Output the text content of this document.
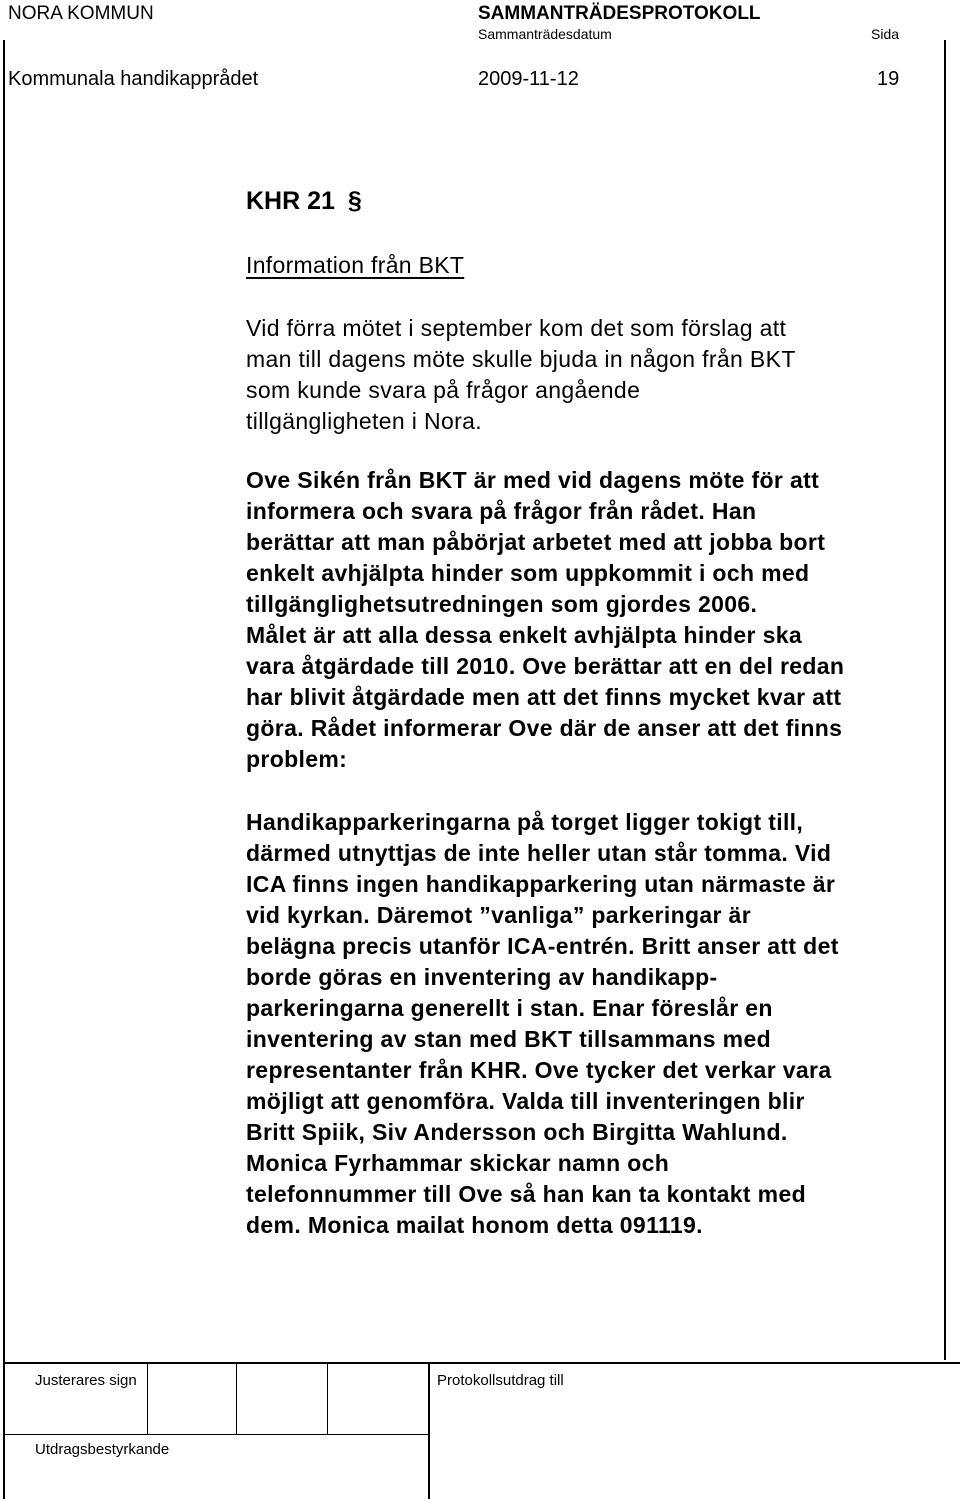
NORA KOMMUN	SAMMANTRÄDESPROTOKOLL
Sammanträdesdatum	Sida
Kommunala handikapprådet	2009-11-12	19
KHR 21 §
Information från BKT
Vid förra mötet i september kom det som förslag att
man till dagens möte skulle bjuda in någon från BKT
som kunde svara på frågor angående
tillgängligheten i Nora.
Ove Sikén från BKT är med vid dagens möte för att
informera och svara på frågor från rådet. Han
berättar att man påbörjat arbetet med att jobba bort
enkelt avhjälpta hinder som uppkommit i och med
tillgänglighetsutredningen som gjordes 2006.
Målet är att alla dessa enkelt avhjälpta hinder ska
vara åtgärdade till 2010. Ove berättar att en del redan
har blivit åtgärdade men att det finns mycket kvar att
göra. Rådet informerar Ove där de anser att det finns
problem:
Handikapparkeringarna på torget ligger tokigt till,
därmed utnyttjas de inte heller utan står tomma. Vid
ICA finns ingen handikapparkering utan närmaste är
vid kyrkan. Däremot ”vanliga” parkeringar är
belägna precis utanför ICA-entrén. Britt anser att det
borde göras en inventering av handikapp-
parkeringarna generellt i stan. Enar föreslår en
inventering av stan med BKT tillsammans med
representanter från KHR. Ove tycker det verkar vara
möjligt att genomföra. Valda till inventeringen blir
Britt Spiik, Siv Andersson och Birgitta Wahlund.
Monica Fyrhammar skickar namn och
telefonnummer till Ove så han kan ta kontakt med
dem. Monica mailat honom detta 091119.
Justerares sign	Protokollsutdrag till
Utdragsbestyrkande
